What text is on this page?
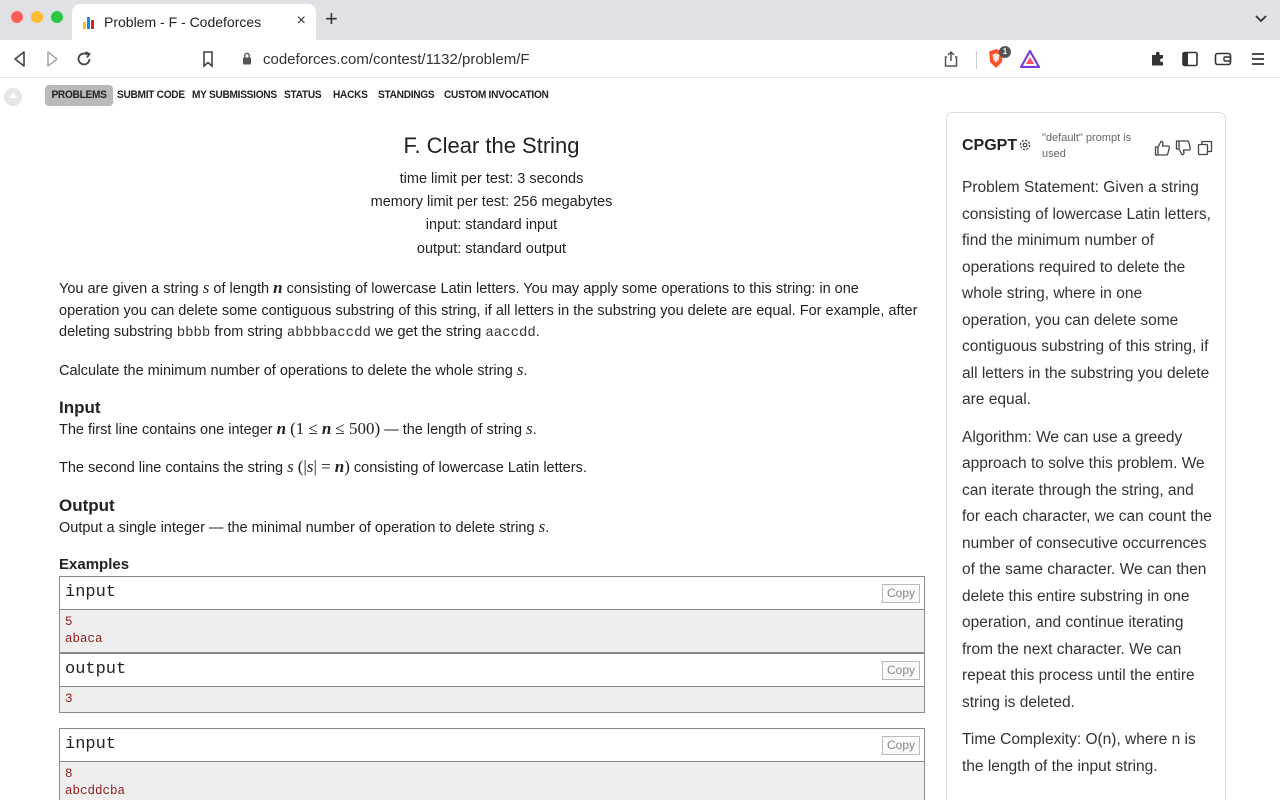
Problem - F - Codeforces × +
codeforces.com/contest/1132/problem/F	1
PROBLEMS SUBMIT CODE MY SUBMISSIONS STATUS HACKS STANDINGS CUSTOM INVOCATION
F. Clear the String
time limit per test: 3 seconds
memory limit per test: 256 megabytes
input: standard input
output: standard output
You are given a string s of length n consisting of lowercase Latin letters. You may apply some operations to this string: in one operation you can delete some contiguous substring of this string, if all letters in the substring you delete are equal. For example, after deleting substring bbbb from string abbbbaccdd we get the string aaccdd.
Calculate the minimum number of operations to delete the whole string s.
Input
The first line contains one integer n (1 ≤ n ≤ 500) — the length of string s.
The second line contains the string s (|s| = n) consisting of lowercase Latin letters.
Output
Output a single integer — the minimal number of operation to delete string s.
Examples
input	Copy
5
abaca
output	Copy
3
input	Copy
8
abcddcba
CPGPT "default" prompt is used

Problem Statement: Given a string consisting of lowercase Latin letters, find the minimum number of operations required to delete the whole string, where in one operation, you can delete some contiguous substring of this string, if all letters in the substring you delete are equal.

Algorithm: We can use a greedy approach to solve this problem. We can iterate through the string, and for each character, we can count the number of consecutive occurrences of the same character. We can then delete this entire substring in one operation, and continue iterating from the next character. We can repeat this process until the entire string is deleted.

Time Complexity: O(n), where n is the length of the input string.
